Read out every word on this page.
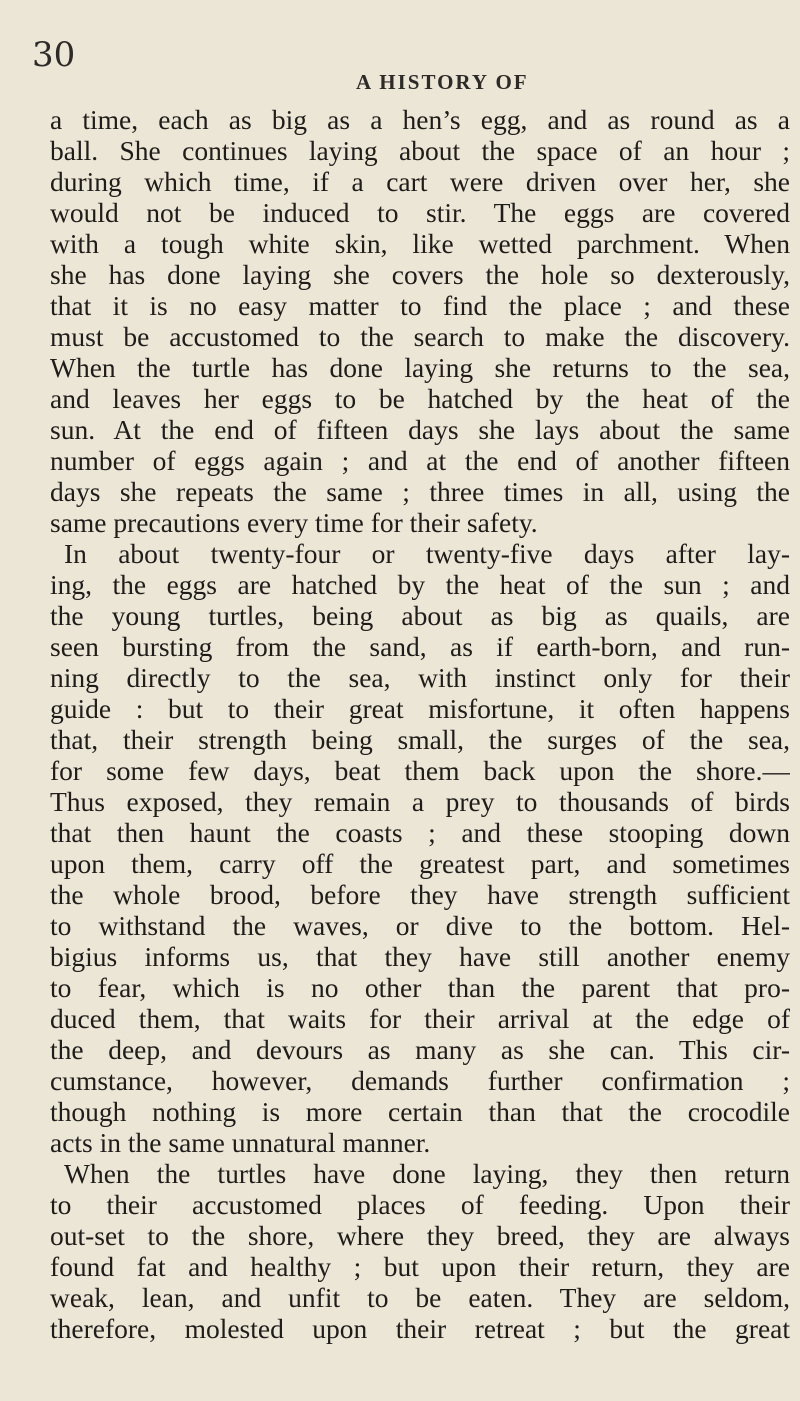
30
A HISTORY OF
a time, each as big as a hen’s egg, and as round as a
ball. She continues laying about the space of an hour ;
during which time, if a cart were driven over her, she
would not be induced to stir. The eggs are covered
with a tough white skin, like wetted parchment. When
she has done laying she covers the hole so dexterously,
that it is no easy matter to find the place ; and these
must be accustomed to the search to make the discovery.
When the turtle has done laying she returns to the sea,
and leaves her eggs to be hatched by the heat of the
sun. At the end of fifteen days she lays about the same
number of eggs again ; and at the end of another fifteen
days she repeats the same ; three times in all, using the
same precautions every time for their safety.
In about twenty-four or twenty-five days after lay-
ing, the eggs are hatched by the heat of the sun ; and
the young turtles, being about as big as quails, are
seen bursting from the sand, as if earth-born, and run-
ning directly to the sea, with instinct only for their
guide : but to their great misfortune, it often happens
that, their strength being small, the surges of the sea,
for some few days, beat them back upon the shore.—
Thus exposed, they remain a prey to thousands of birds
that then haunt the coasts ; and these stooping down
upon them, carry off the greatest part, and sometimes
the whole brood, before they have strength sufficient
to withstand the waves, or dive to the bottom. Hel-
bigius informs us, that they have still another enemy
to fear, which is no other than the parent that pro-
duced them, that waits for their arrival at the edge of
the deep, and devours as many as she can. This cir-
cumstance, however, demands further confirmation ;
though nothing is more certain than that the crocodile
acts in the same unnatural manner.
When the turtles have done laying, they then return
to their accustomed places of feeding. Upon their
out-set to the shore, where they breed, they are always
found fat and healthy ; but upon their return, they are
weak, lean, and unfit to be eaten. They are seldom,
therefore, molested upon their retreat ; but the great
